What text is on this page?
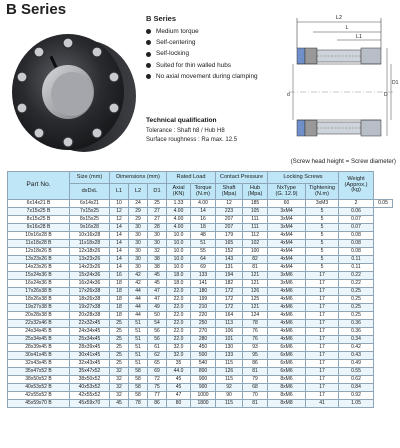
B Series
B Series
Medium torque
Self-centering
Self-locking
Suited for thin walled hubs
No axial movement during clamping
Technical qualification
Tolerance : Shaft h8 / Hub H8
Surface roughness : Ra max. 12.5
L2
L
L1
D
D1
d
(Screw head height = Screw diameter)
Part No.	Size (mm)	Dimensions (mm)			Rated Load		Contact Pressure		Locking Screws		Weight
(Approx.)
(kg)	
	dxDxL	L1	L2	D1	Axial
(KN)	Torque
(N.m)	Shaft
(Mpa)	Hub
(Mpa)	NxType
(G. 12.9)	Tightening
(N.m)		
6x14x21 B	6x14x21	10	24	25	1.33	4.00	12	185	60	3xM3	2	0.05
7x15x25 B	7x15x25	12	29	27	4.00	14	223	105	3xM4	5	0.06	
8x15x25 B	8x15x25	12	29	27	4.00	16	207	111	3xM4	5	0.07	
9x16x28 B	9x16x28	14	30	28	4.00	18	207	111	3xM4	5	0.07	
10x16x28 B	10x16x28	14	30	30	10.0	48	179	112	4xM4	5	0.08	
11x18x28 B	11x18x28	14	30	30	10.0	51	165	102	4xM4	5	0.08	
12x18x26 B	12x18x26	14	30	32	10.0	55	152	100	4xM4	5	0.08	
13x23x26 B	13x23x26	14	30	38	10.0	64	143	82	4xM4	5	0.11	
14x23x26 B	14x23x26	14	30	38	10.0	69	131	81	4xM4	5	0.11	
15x24x36 B	15x24x36	16	42	45	18.0	133	194	121	3xM6	17	0.22	
16x24x36 B	16x24x36	18	42	45	18.0	141	182	121	3xM6	17	0.22	
17x26x38 B	17x26x38	18	44	47	22.0	180	172	126	4xM6	17	0.25	
18x26x38 B	18x26x38	18	44	47	22.0	199	172	125	4xM6	17	0.25	
19x27x38 B	19x27x38	18	44	49	22.0	210	172	121	4xM6	17	0.25	
20x28x38 B	20x28x38	18	44	50	22.0	220	164	124	4xM6	17	0.25	
22x32x46 B	22x32x45	25	51	54	22.0	250	113	78	4xM6	17	0.36	
24x34x45 B	24x34x45	25	51	56	22.0	270	106	76	4xM6	17	0.36	
25x34x45 B	25x34x45	25	51	56	22.0	280	101	76	4xM6	17	0.34	
28x39x45 B	28x39x45	25	51	61	32.0	450	130	93	6xM6	17	0.42	
30x41x45 B	30x41x45	25	51	62	32.0	500	133	95	6xM6	17	0.43	
32x43x45 B	32x43x45	25	51	65	35	540	115	86	6xM6	17	0.49	
35x47x52 B	35x47x52	32	58	69	44.0	800	126	81	6xM6	17	0.55	
38x50x52 B	38x50x52	32	58	72	45	900	115	79	8xM6	17	0.62	
40x53x52 B	40x53x52	32	58	75	45	900	92	68	8xM6	17	0.84	
42x55x52 B	42x55x52	32	58	77	47	1000	90	70	8xM6	17	0.92	
45x59x70 B	45x59x70	45	78	86	80	1800	115	81	8xM8	41	1.05	
